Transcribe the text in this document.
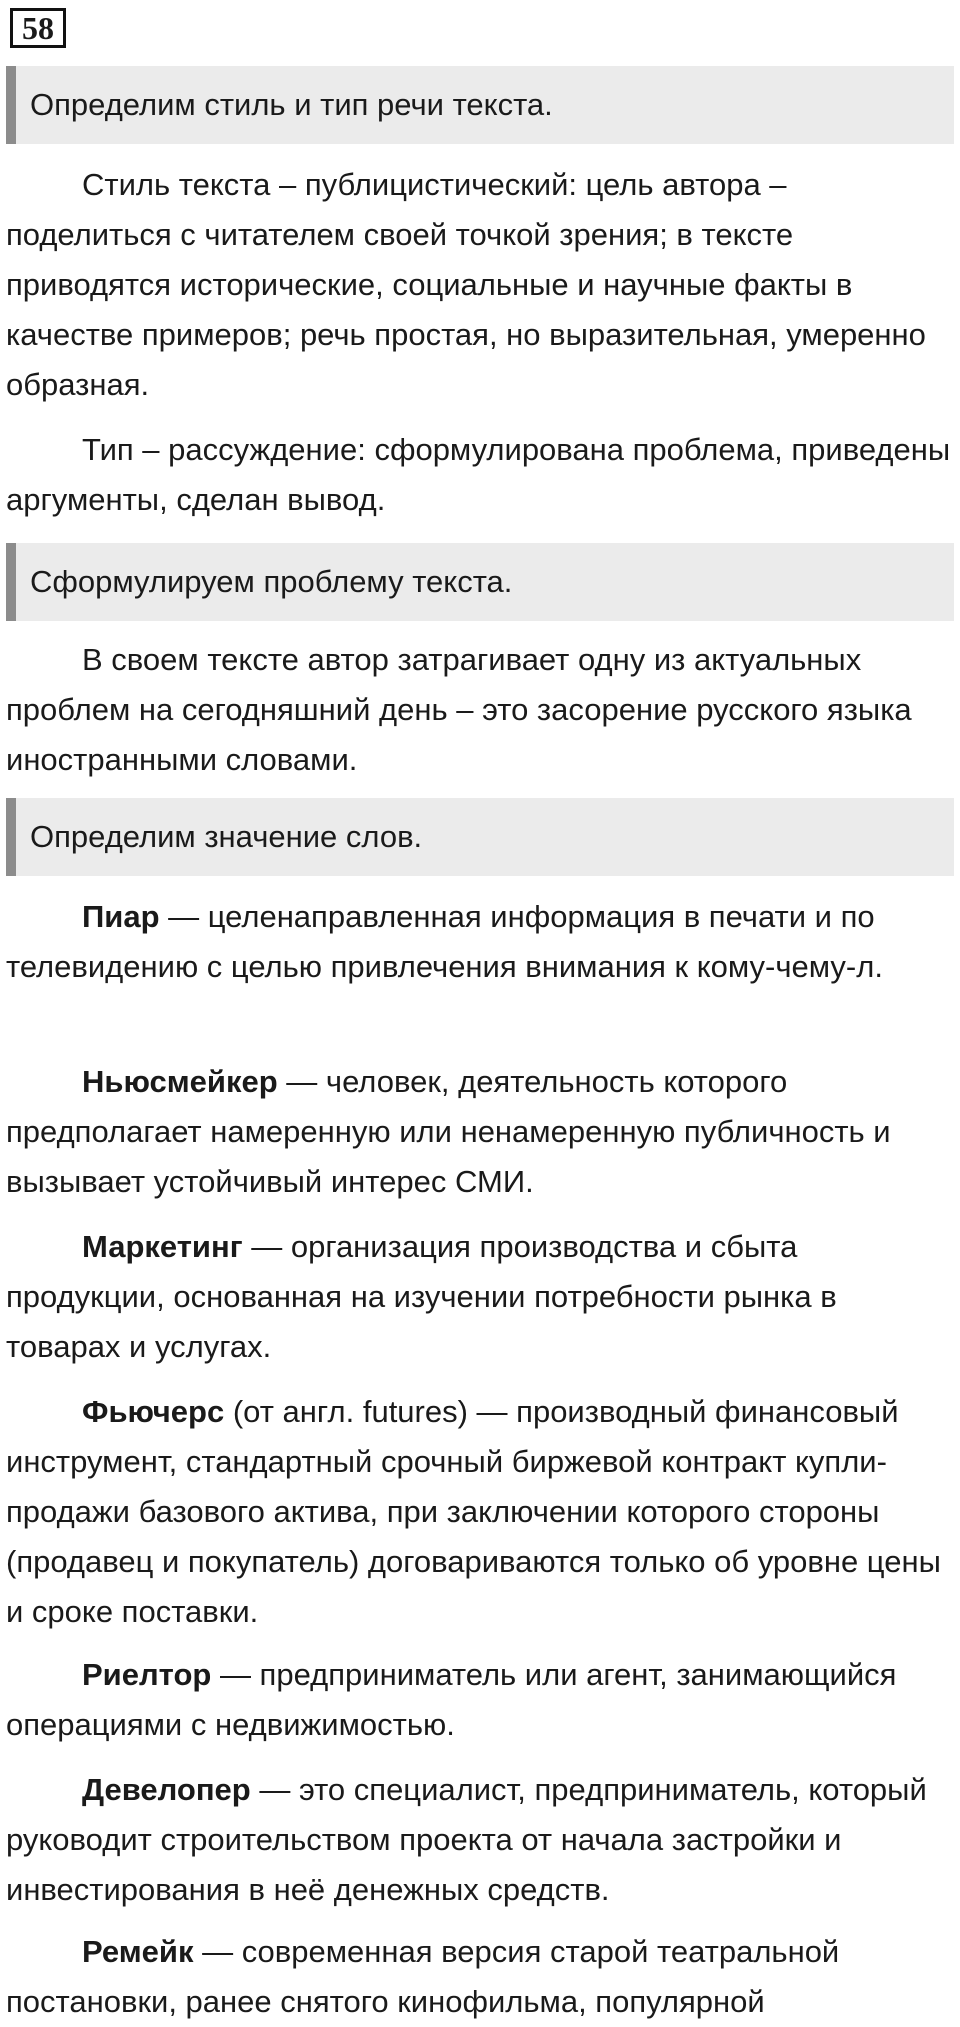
58
Определим стиль и тип речи текста.

Стиль текста – публицистический: цель автора – поделиться с читателем своей точкой зрения; в тексте приводятся исторические, социальные и научные факты в качестве примеров; речь простая, но выразительная, умеренно образная.

Тип – рассуждение: сформулирована проблема, приведены аргументы, сделан вывод.

Сформулируем проблему текста.

В своем тексте автор затрагивает одну из актуальных проблем на сегодняшний день – это засорение русского языка иностранными словами.

Определим значение слов.

Пиар — целенаправленная информация в печати и по телевидению с целью привлечения внимания к кому-чему-л.

Ньюсмейкер — человек, деятельность которого предполагает намеренную или ненамеренную публичность и вызывает устойчивый интерес СМИ.

Маркетинг — организация производства и сбыта продукции, основанная на изучении потребности рынка в товарах и услугах.

Фьючерс (от англ. futures) — производный финансовый инструмент, стандартный срочный биржевой контракт купли-продажи базового актива, при заключении которого стороны (продавец и покупатель) договариваются только об уровне цены и сроке поставки.

Риелтор — предприниматель или агент, занимающийся операциями с недвижимостью.

Девелопер — это специалист, предприниматель, который руководит строительством проекта от начала застройки и инвестирования в неё денежных средств.

Ремейк — современная версия старой театральной постановки, ранее снятого кинофильма, популярной
